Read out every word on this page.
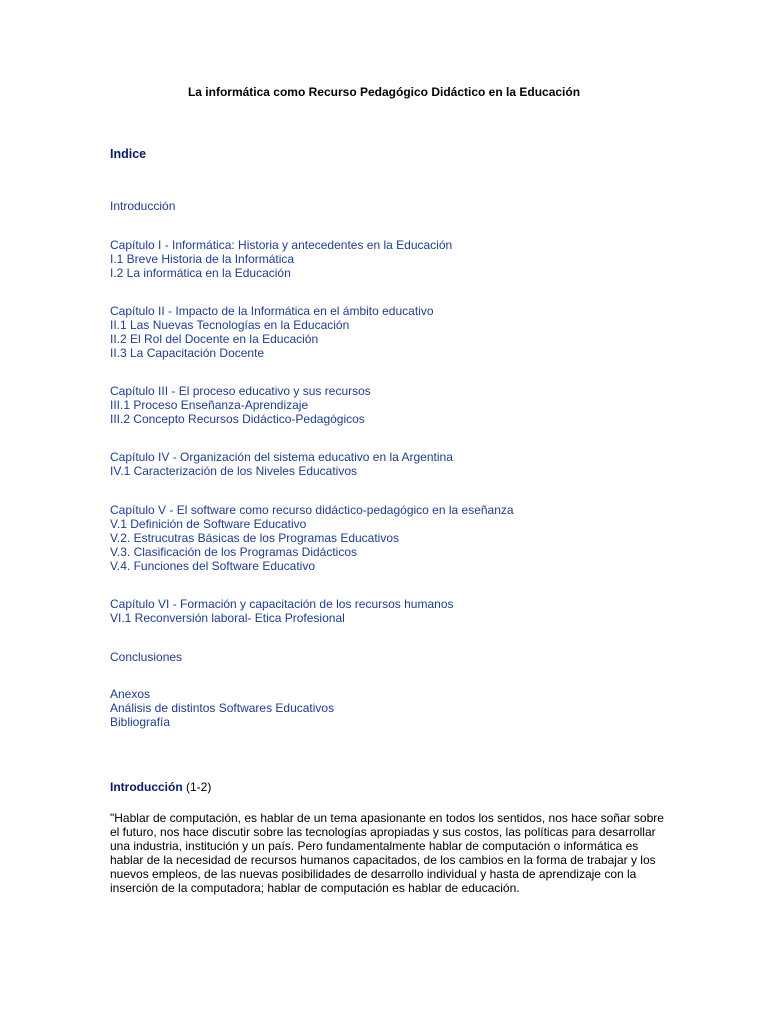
La informática como Recurso Pedagógico Didáctico en la Educación
Indice
Introducción
Capítulo I - Informática: Historia y antecedentes en la Educación
I.1 Breve Historia de la Informática
I.2 La informática en la Educación
Capítulo II - Impacto de la Informática en el ámbito educativo
II.1 Las Nuevas Tecnologías en la Educación
II.2 El Rol del Docente en la Educación
II.3 La Capacitación Docente
Capítulo III - El proceso educativo y sus recursos
III.1 Proceso Enseñanza-Aprendizaje
III.2 Concepto Recursos Didáctico-Pedagógicos
Capítulo IV - Organización del sistema educativo en la Argentina
IV.1 Caracterización de los Niveles Educativos
Capítulo V - El software como recurso didáctico-pedagógico en la eseñanza
V.1 Definición de Software Educativo
V.2. Estrucutras Básicas de los Programas Educativos
V.3. Clasificación de los Programas Didácticos
V.4. Funciones del Software Educativo
Capítulo VI - Formación y capacitación de los recursos humanos
VI.1 Reconversión laboral- Etica Profesional
Conclusiones
Anexos
Análisis de distintos Softwares Educativos
Bibliografía
Introducción (1-2)
"Hablar de computación, es hablar de un tema apasionante en todos los sentidos, nos hace soñar sobre el futuro, nos hace discutir sobre las tecnologías apropiadas y sus costos, las políticas para desarrollar una industria, institución y un país. Pero fundamentalmente hablar de computación o informática es hablar de la necesidad de recursos humanos capacitados, de los cambios en la forma de trabajar y los nuevos empleos, de las nuevas posibilidades de desarrollo individual y hasta de aprendizaje con la inserción de la computadora; hablar de computación es hablar de educación.
